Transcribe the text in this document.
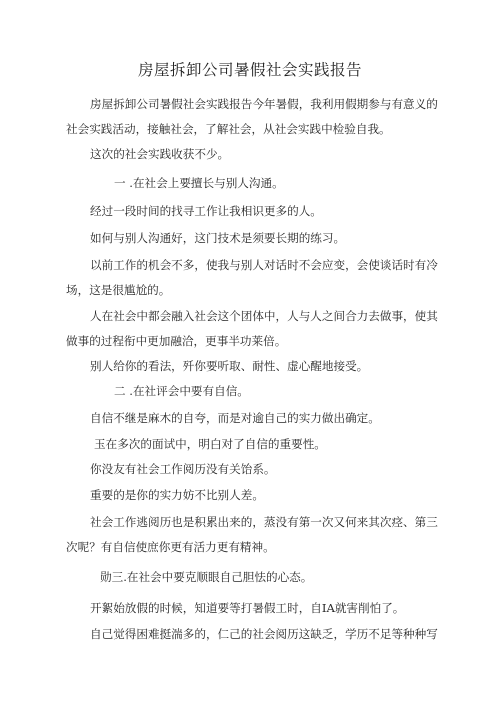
房屋拆卸公司暑假社会实践报告
房屋拆卸公司暑假社会实践报告今年暑假，我利用假期参与有意义的
社会实践活动，接触社会，了解社会，从社会实践中检验自我。
这次的社会实践收获不少。
一 .在社会上要擅长与别人沟通。
经过一段时间的找寻工作让我相识更多的人。
如何与别人沟通好，这门技术是须要长期的练习。
以前工作的机会不多，使我与别人对话时不会应变，会使谈话时有冷
场，这是很尴尬的。
人在社会中都会融入社会这个团体中，人与人之间合力去做事，使其
做事的过程衔中更加融洽，更事半功莱倍。
别人给你的看法，歼你要听取、耐性、虚心醒地接受。
二 .在社评会中要有自信。
自信不继是麻木的自夸，而是对逾自己的实力做出确定。
玉在多次的面试中，明白对了自信的重要性。
你没友有社会工作阅历没有关饴系。
重要的是你的实力妨不比别人差。
社会工作逃阅历也是积累出来的，蒸没有第一次又何来其次痉、第三
次呢？有自信使庶你更有活力更有精神。
勋三.在社会中要克顺眼自己胆怯的心态。
开絮始放假的时候，知道要等打暑假工时，自IA就害削怕了。
自己觉得困难挺湍多的，仁己的社会阅历这缺乏，学历不足等种种写
